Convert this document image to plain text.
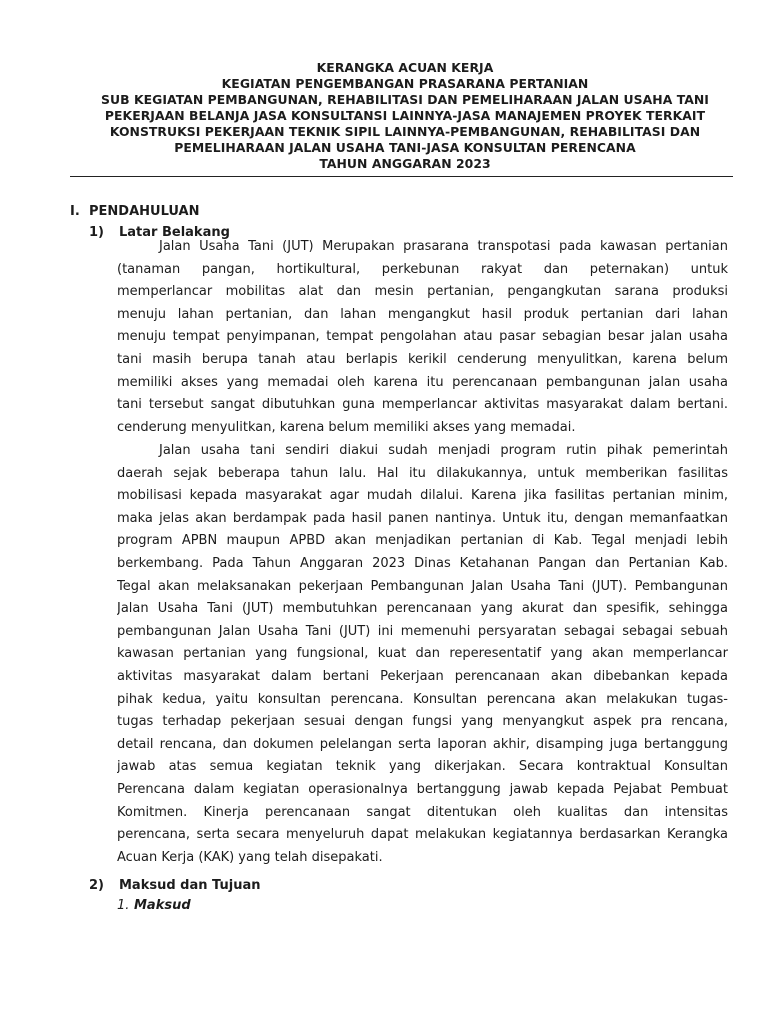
KERANGKA ACUAN KERJA
KEGIATAN PENGEMBANGAN PRASARANA PERTANIAN
SUB KEGIATAN PEMBANGUNAN, REHABILITASI DAN PEMELIHARAAN JALAN USAHA TANI
PEKERJAAN BELANJA JASA KONSULTANSI LAINNYA-JASA MANAJEMEN PROYEK TERKAIT
KONSTRUKSI PEKERJAAN TEKNIK SIPIL LAINNYA-PEMBANGUNAN, REHABILITASI DAN
PEMELIHARAAN JALAN USAHA TANI-JASA KONSULTAN PERENCANA
TAHUN ANGGARAN 2023
I. PENDAHULUAN
1) Latar Belakang
Jalan Usaha Tani (JUT) Merupakan prasarana transpotasi pada kawasan pertanian
(tanaman pangan, hortikultural, perkebunan rakyat dan peternakan) untuk
memperlancar mobilitas alat dan mesin pertanian, pengangkutan sarana produksi
menuju lahan pertanian, dan lahan mengangkut hasil produk pertanian dari lahan
menuju tempat penyimpanan, tempat pengolahan atau pasar sebagian besar jalan usaha
tani masih berupa tanah atau berlapis kerikil cenderung menyulitkan, karena belum
memiliki akses yang memadai oleh karena itu perencanaan pembangunan jalan usaha
tani tersebut sangat dibutuhkan guna memperlancar aktivitas masyarakat dalam bertani.
cenderung menyulitkan, karena belum memiliki akses yang memadai.
Jalan usaha tani sendiri diakui sudah menjadi program rutin pihak pemerintah
daerah sejak beberapa tahun lalu. Hal itu dilakukannya, untuk memberikan fasilitas
mobilisasi kepada masyarakat agar mudah dilalui. Karena jika fasilitas pertanian minim,
maka jelas akan berdampak pada hasil panen nantinya. Untuk itu, dengan memanfaatkan
program APBN maupun APBD akan menjadikan pertanian di Kab. Tegal menjadi lebih
berkembang. Pada Tahun Anggaran 2023 Dinas Ketahanan Pangan dan Pertanian Kab.
Tegal akan melaksanakan pekerjaan Pembangunan Jalan Usaha Tani (JUT). Pembangunan
Jalan Usaha Tani (JUT) membutuhkan perencanaan yang akurat dan spesifik, sehingga
pembangunan Jalan Usaha Tani (JUT) ini memenuhi persyaratan sebagai sebagai sebuah
kawasan pertanian yang fungsional, kuat dan reperesentatif yang akan memperlancar
aktivitas masyarakat dalam bertani Pekerjaan perencanaan akan dibebankan kepada
pihak kedua, yaitu konsultan perencana. Konsultan perencana akan melakukan tugas-
tugas terhadap pekerjaan sesuai dengan fungsi yang menyangkut aspek pra rencana,
detail rencana, dan dokumen pelelangan serta laporan akhir, disamping juga bertanggung
jawab atas semua kegiatan teknik yang dikerjakan. Secara kontraktual Konsultan
Perencana dalam kegiatan operasionalnya bertanggung jawab kepada Pejabat Pembuat
Komitmen. Kinerja perencanaan sangat ditentukan oleh kualitas dan intensitas
perencana, serta secara menyeluruh dapat melakukan kegiatannya berdasarkan Kerangka
Acuan Kerja (KAK) yang telah disepakati.
2) Maksud dan Tujuan
1. Maksud
